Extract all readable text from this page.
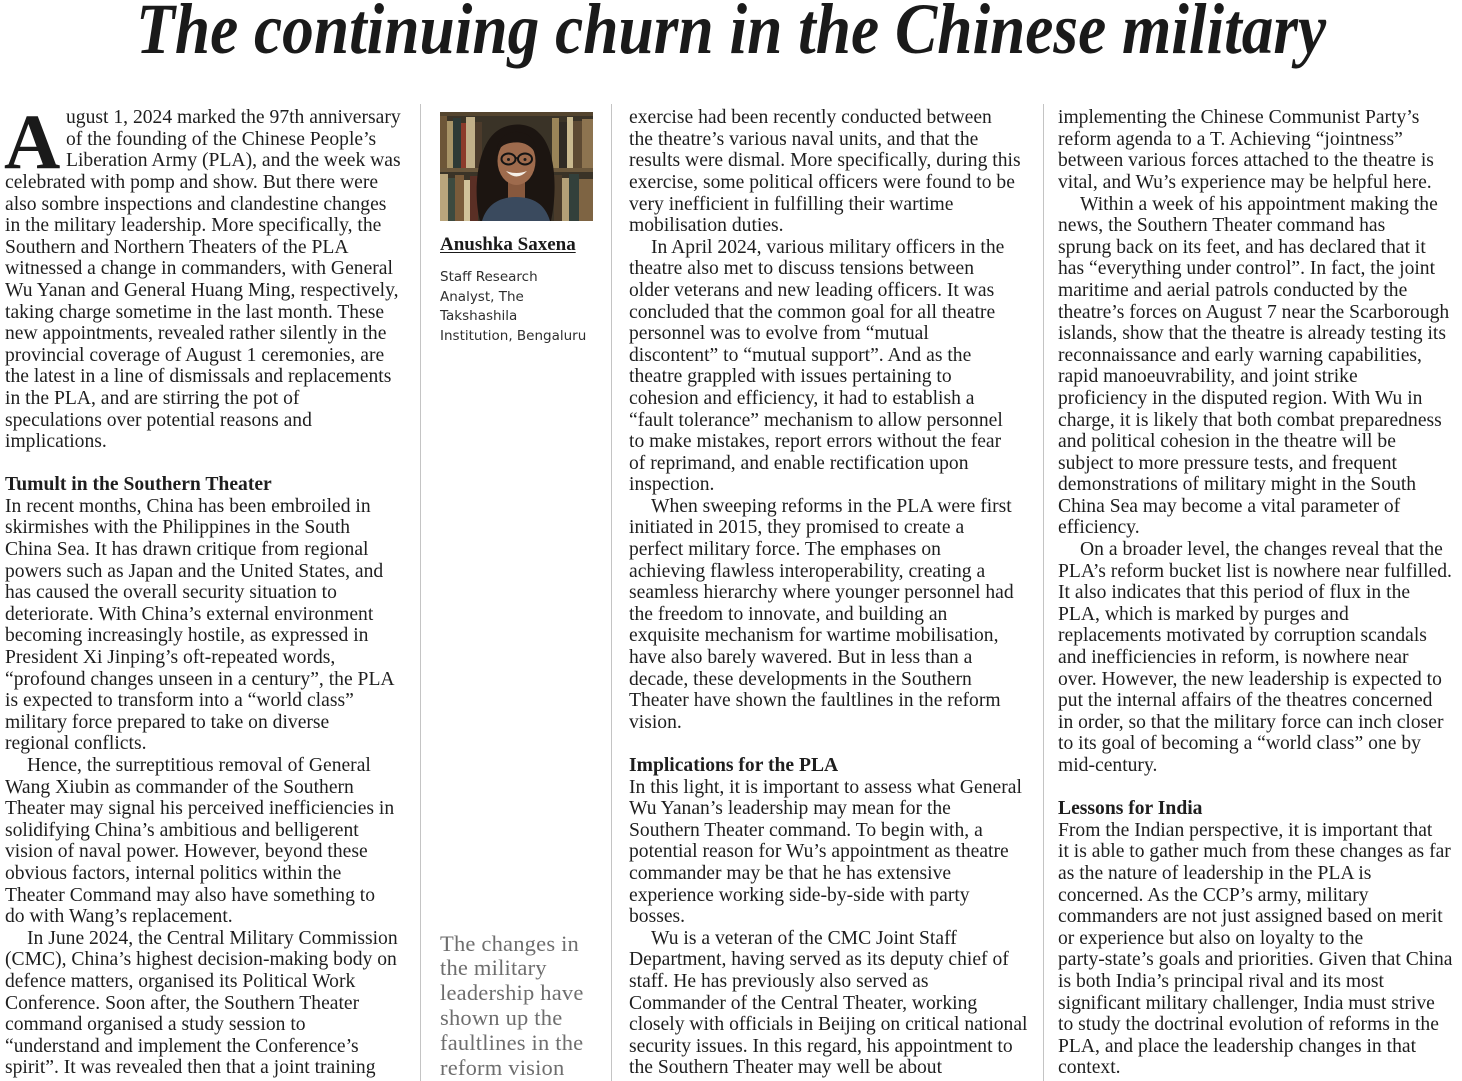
The continuing churn in the Chinese military
A ugust 1, 2024 marked the 97th anniversary
of the founding of the Chinese People’s
Liberation Army (PLA), and the week was
celebrated with pomp and show. But there were
also sombre inspections and clandestine changes
in the military leadership. More specifically, the
Southern and Northern Theaters of the PLA
witnessed a change in commanders, with General
Wu Yanan and General Huang Ming, respectively,
taking charge sometime in the last month. These
new appointments, revealed rather silently in the
provincial coverage of August 1 ceremonies, are
the latest in a line of dismissals and replacements
in the PLA, and are stirring the pot of
speculations over potential reasons and
implications.
Tumult in the Southern Theater
In recent months, China has been embroiled in
skirmishes with the Philippines in the South
China Sea. It has drawn critique from regional
powers such as Japan and the United States, and
has caused the overall security situation to
deteriorate. With China’s external environment
becoming increasingly hostile, as expressed in
President Xi Jinping’s oft-repeated words,
“profound changes unseen in a century”, the PLA
is expected to transform into a “world class”
military force prepared to take on diverse
regional conflicts.
Hence, the surreptitious removal of General
Wang Xiubin as commander of the Southern
Theater may signal his perceived inefficiencies in
solidifying China’s ambitious and belligerent
vision of naval power. However, beyond these
obvious factors, internal politics within the
Theater Command may also have something to
do with Wang’s replacement.
In June 2024, the Central Military Commission
(CMC), China’s highest decision-making body on
defence matters, organised its Political Work
Conference. Soon after, the Southern Theater
command organised a study session to
“understand and implement the Conference’s
spirit”. It was revealed then that a joint training
Anushka Saxena
Staff Research
Analyst, The
Takshashila
Institution, Bengaluru
The changes in
the military
leadership have
shown up the
faultlines in the
reform vision
exercise had been recently conducted between
the theatre’s various naval units, and that the
results were dismal. More specifically, during this
exercise, some political officers were found to be
very inefficient in fulfilling their wartime
mobilisation duties.
In April 2024, various military officers in the
theatre also met to discuss tensions between
older veterans and new leading officers. It was
concluded that the common goal for all theatre
personnel was to evolve from “mutual
discontent” to “mutual support”. And as the
theatre grappled with issues pertaining to
cohesion and efficiency, it had to establish a
“fault tolerance” mechanism to allow personnel
to make mistakes, report errors without the fear
of reprimand, and enable rectification upon
inspection.
When sweeping reforms in the PLA were first
initiated in 2015, they promised to create a
perfect military force. The emphases on
achieving flawless interoperability, creating a
seamless hierarchy where younger personnel had
the freedom to innovate, and building an
exquisite mechanism for wartime mobilisation,
have also barely wavered. But in less than a
decade, these developments in the Southern
Theater have shown the faultlines in the reform
vision.
Implications for the PLA
In this light, it is important to assess what General
Wu Yanan’s leadership may mean for the
Southern Theater command. To begin with, a
potential reason for Wu’s appointment as theatre
commander may be that he has extensive
experience working side-by-side with party
bosses.
Wu is a veteran of the CMC Joint Staff
Department, having served as its deputy chief of
staff. He has previously also served as
Commander of the Central Theater, working
closely with officials in Beijing on critical national
security issues. In this regard, his appointment to
the Southern Theater may well be about
implementing the Chinese Communist Party’s
reform agenda to a T. Achieving “jointness”
between various forces attached to the theatre is
vital, and Wu’s experience may be helpful here.
Within a week of his appointment making the
news, the Southern Theater command has
sprung back on its feet, and has declared that it
has “everything under control”. In fact, the joint
maritime and aerial patrols conducted by the
theatre’s forces on August 7 near the Scarborough
islands, show that the theatre is already testing its
reconnaissance and early warning capabilities,
rapid manoeuvrability, and joint strike
proficiency in the disputed region. With Wu in
charge, it is likely that both combat preparedness
and political cohesion in the theatre will be
subject to more pressure tests, and frequent
demonstrations of military might in the South
China Sea may become a vital parameter of
efficiency.
On a broader level, the changes reveal that the
PLA’s reform bucket list is nowhere near fulfilled.
It also indicates that this period of flux in the
PLA, which is marked by purges and
replacements motivated by corruption scandals
and inefficiencies in reform, is nowhere near
over. However, the new leadership is expected to
put the internal affairs of the theatres concerned
in order, so that the military force can inch closer
to its goal of becoming a “world class” one by
mid-century.
Lessons for India
From the Indian perspective, it is important that
it is able to gather much from these changes as far
as the nature of leadership in the PLA is
concerned. As the CCP’s army, military
commanders are not just assigned based on merit
or experience but also on loyalty to the
party-state’s goals and priorities. Given that China
is both India’s principal rival and its most
significant military challenger, India must strive
to study the doctrinal evolution of reforms in the
PLA, and place the leadership changes in that
context.
